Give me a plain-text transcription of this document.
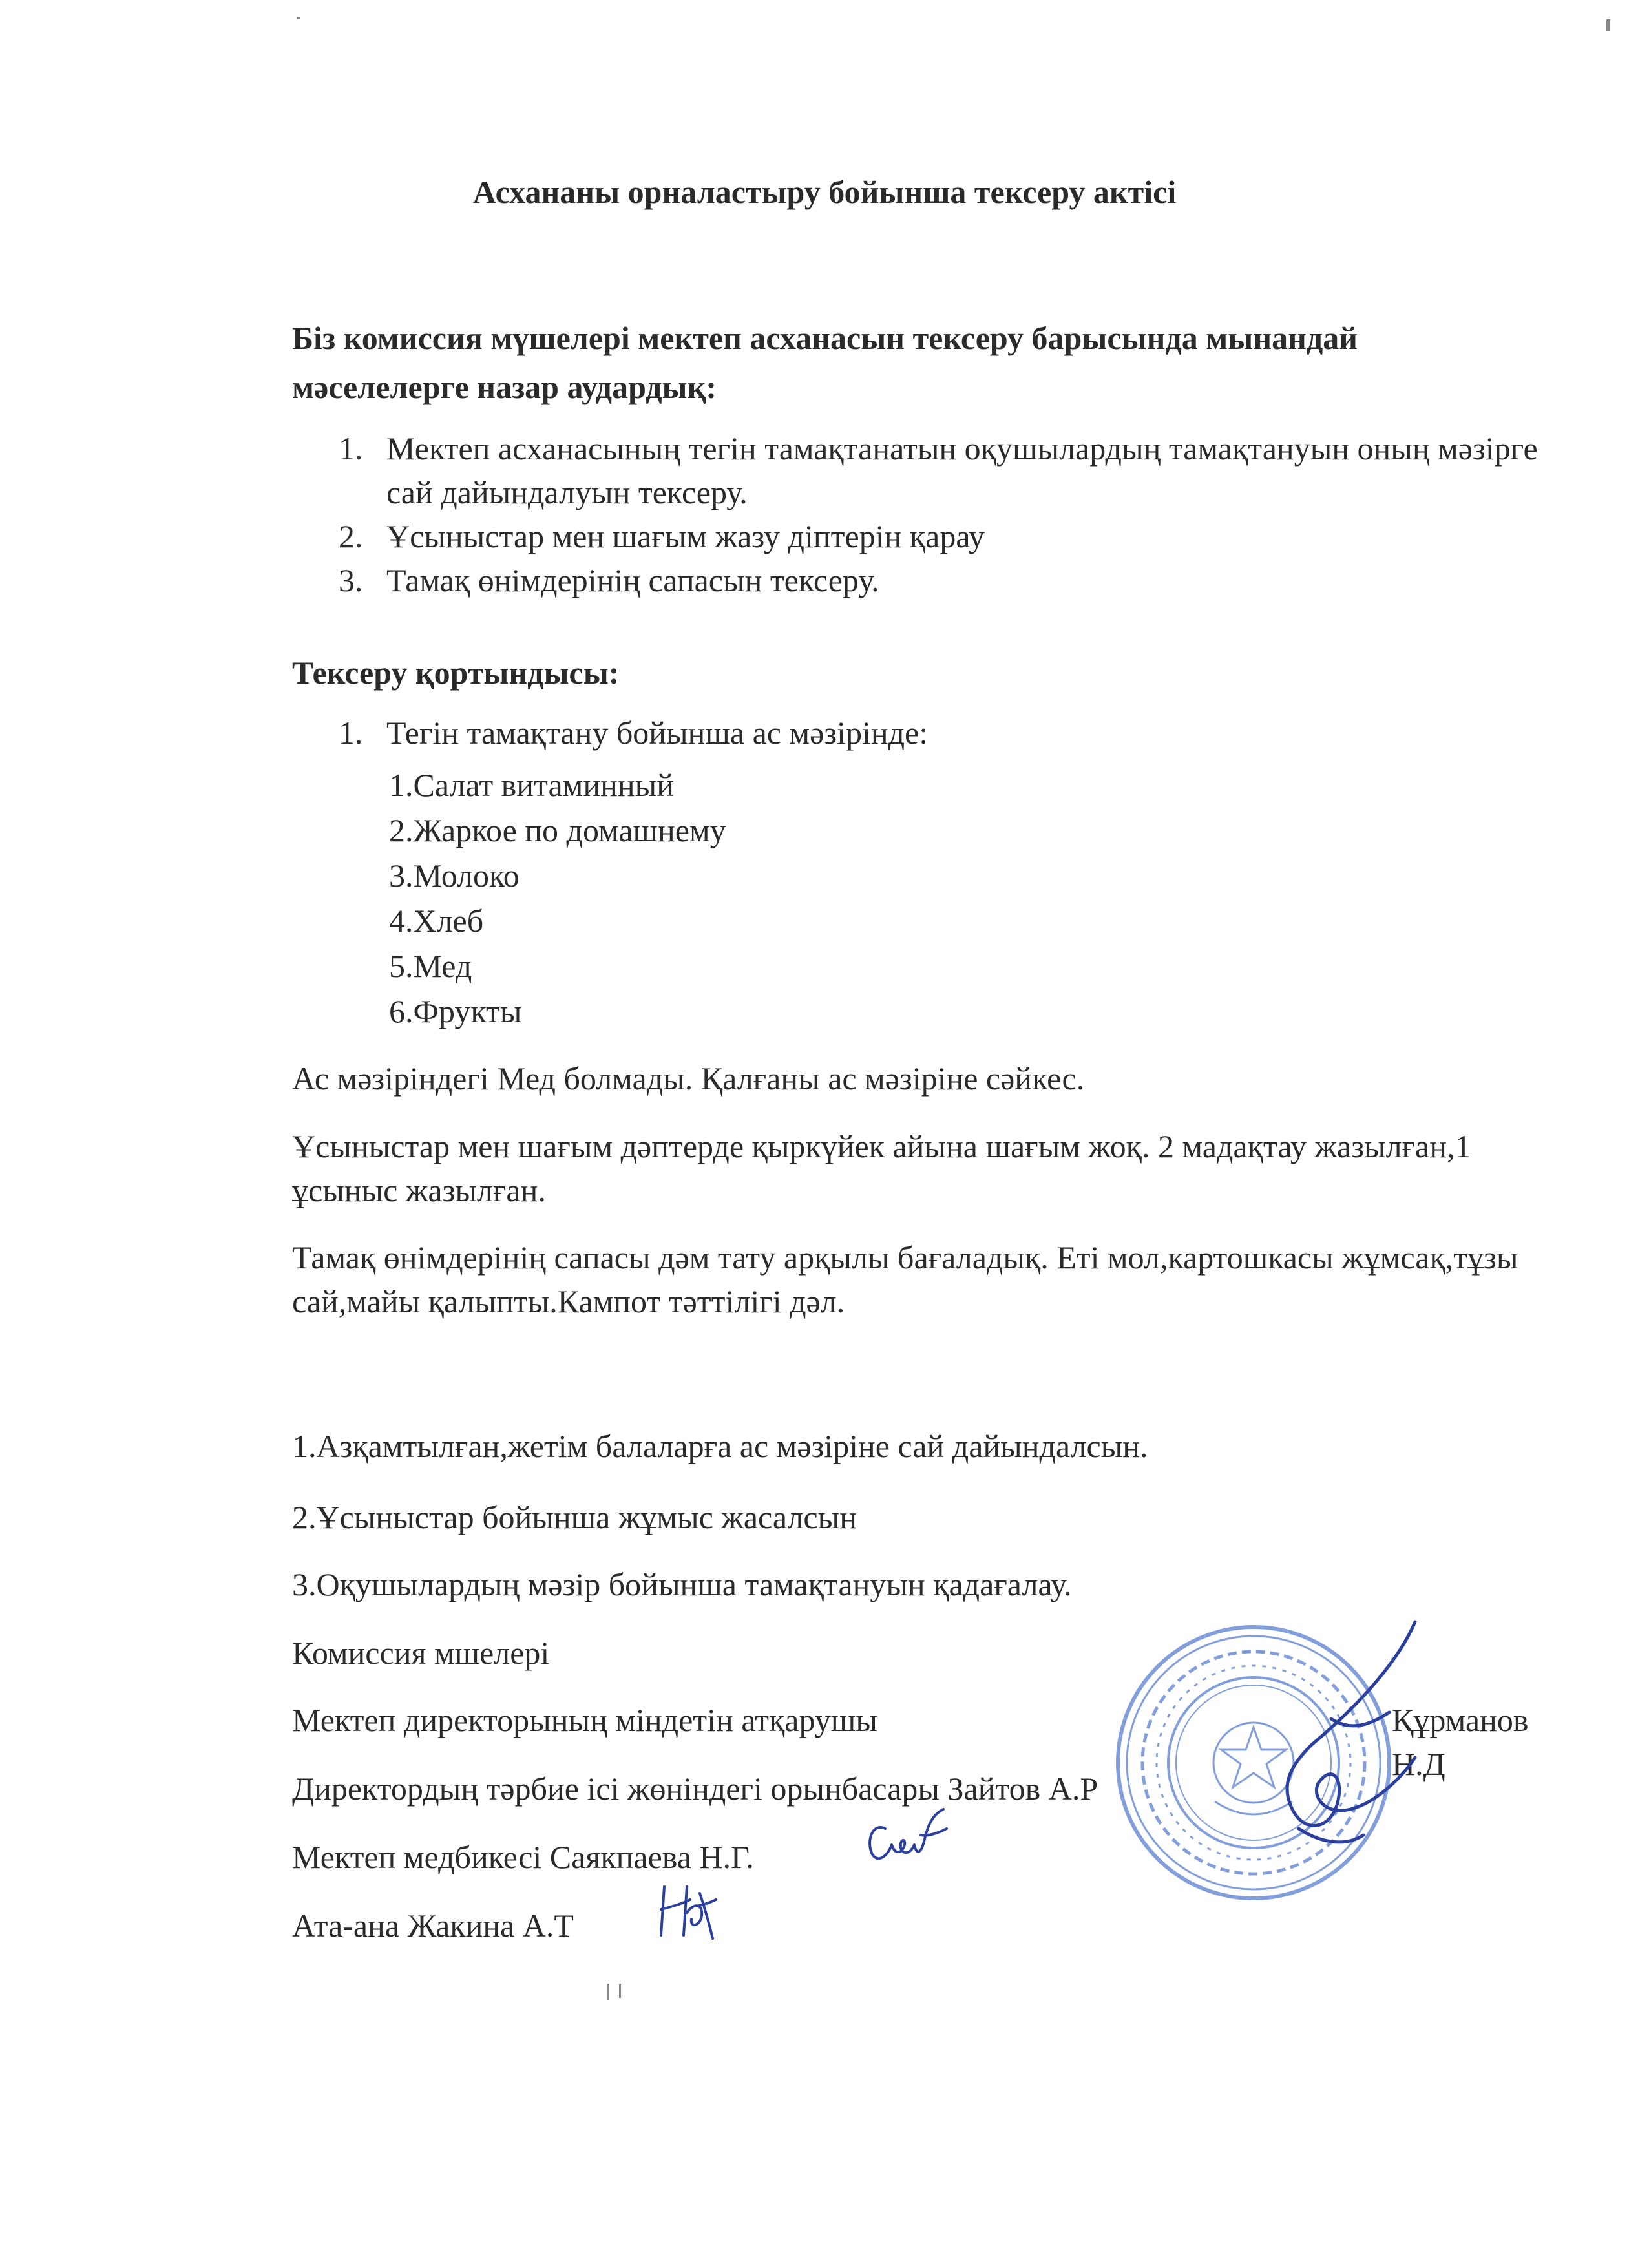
Асхананы орналастыру бойынша тексеру актісі

Біз комиссия мүшелері мектеп асханасын тексеру барысында мынандай мәселелерге назар аудардық:

1. Мектеп асханасының тегін тамақтанатын оқушылардың тамақтануын оның мәзірге сай дайындалуын тексеру.
2. Ұсыныстар мен шағым жазу діптерін қарау
3. Тамақ өнімдерінің сапасын тексеру.
Тексеру қортындысы:
1. Тегін тамақтану бойынша ас мәзірінде:
1.Салат витаминный
2.Жаркое по домашнему
3.Молоко
4.Хлеб
5.Мед
6.Фрукты

Ас мәзіріндегі Мед болмады. Қалғаны ас мәзіріне сәйкес.

Ұсыныстар мен шағым дәптерде қыркүйек айына шағым жоқ. 2 мадақтау жазылған,1 ұсыныс жазылған.

Тамақ өнімдерінің сапасы дәм тату арқылы бағаладық. Еті мол,картошкасы жұмсақ,тұзы сай,майы қалыпты.Кампот тәттілігі дәл.

1.Азқамтылған,жетім балаларға ас мәзіріне сай дайындалсын.

2.Ұсыныстар бойынша жұмыс жасалсын

3.Оқушылардың мәзір бойынша тамақтануын қадағалау.

Комиссия мшелері

Мектеп директорының міндетін атқарушы	Құрманов Н.Д

Директордың тәрбие ісі жөніндегі орынбасары Зайтов А.Р

Мектеп медбикесі Саякпаева Н.Г.

Ата-ана Жакина А.Т
